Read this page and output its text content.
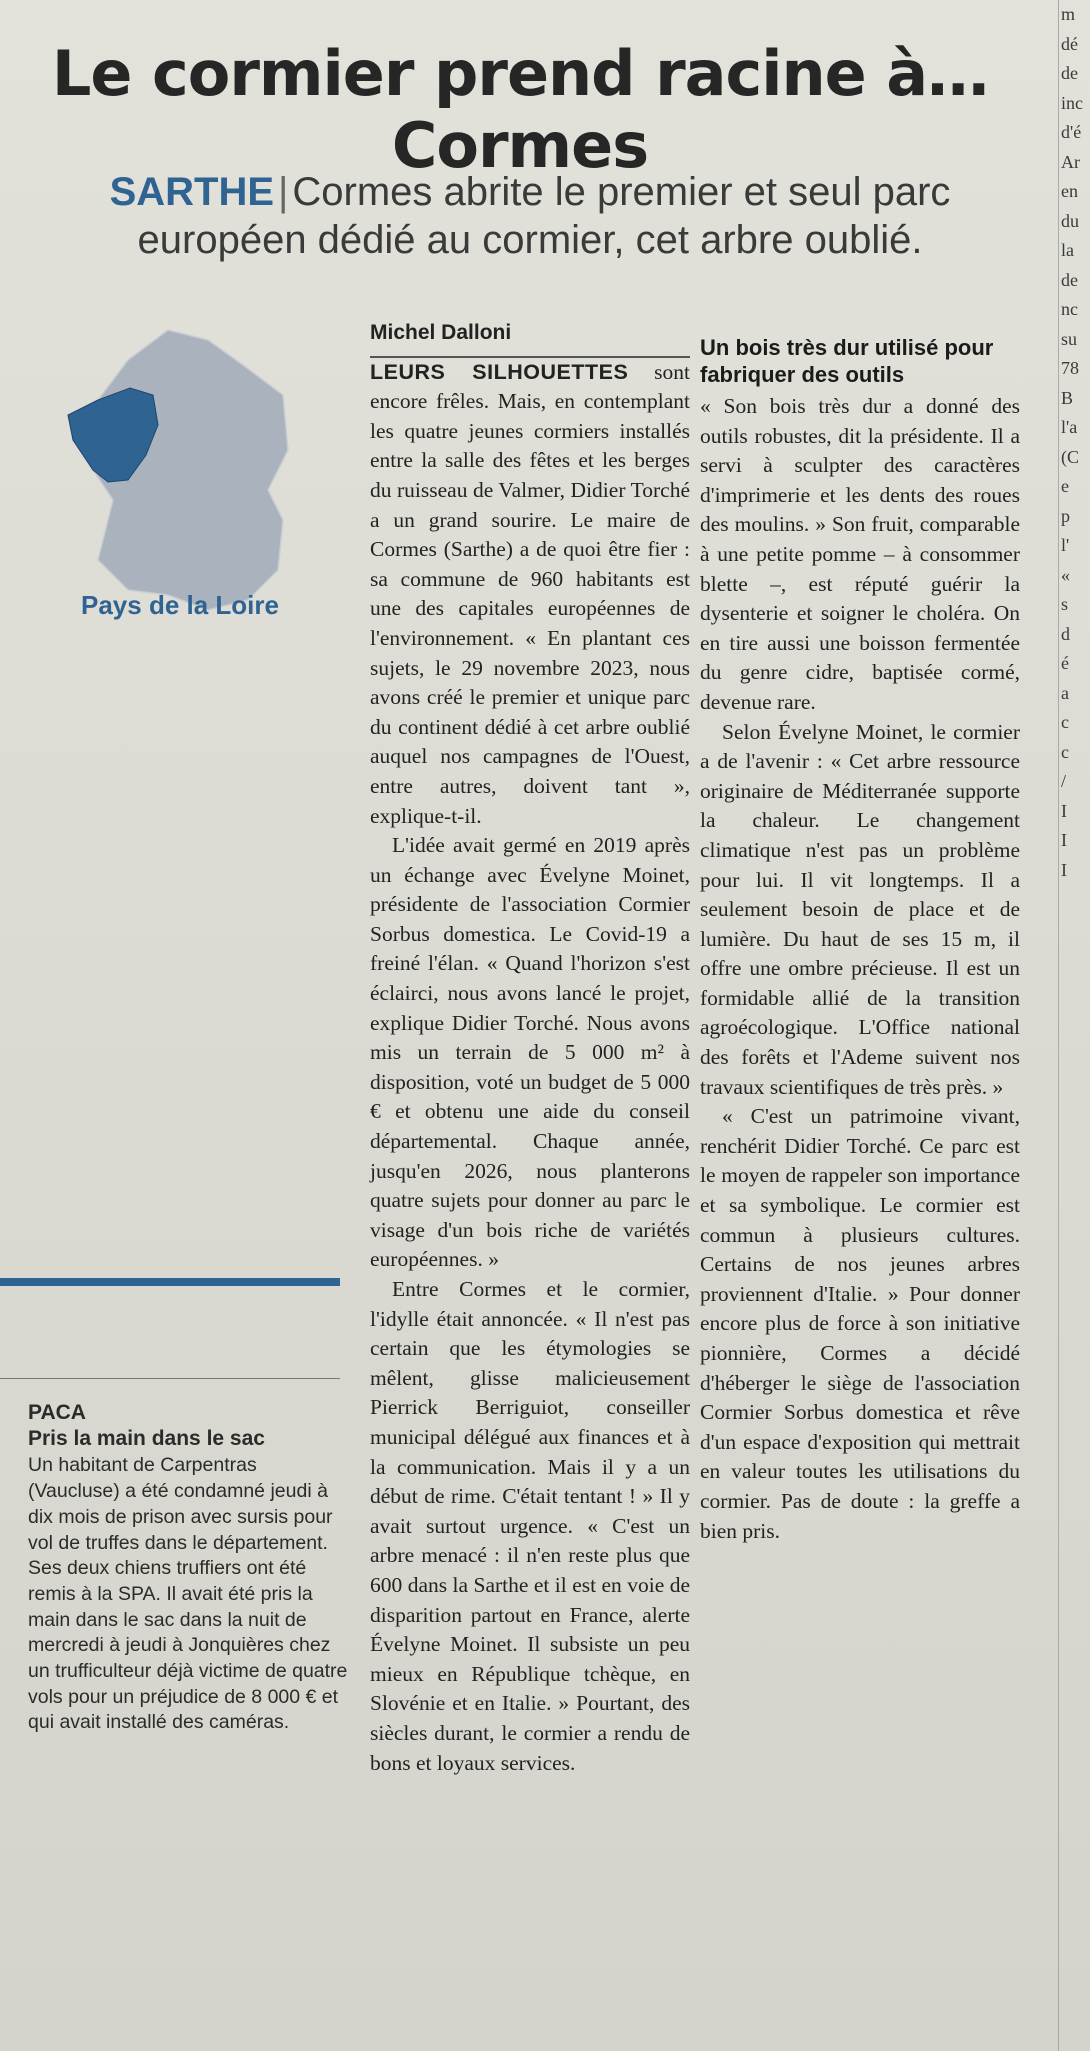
Le cormier prend racine à… Cormes

SARTHE | Cormes abrite le premier et seul parc européen dédié au cormier, cet arbre oublié.

Pays de la Loire

PACA

Pris la main dans le sac

Un habitant de Carpentras (Vaucluse) a été condamné jeudi à dix mois de prison avec sursis pour vol de truffes dans le département. Ses deux chiens truffiers ont été remis à la SPA. Il avait été pris la main dans le sac dans la nuit de mercredi à jeudi à Jonquières chez un trufficulteur déjà victime de quatre vols pour un préjudice de 8 000 € et qui avait installé des caméras.

Michel Dalloni

LEURS SILHOUETTES sont encore frêles. Mais, en contemplant les quatre jeunes cormiers installés entre la salle des fêtes et les berges du ruisseau de Valmer, Didier Torché a un grand sourire. Le maire de Cormes (Sarthe) a de quoi être fier : sa commune de 960 habitants est une des capitales européennes de l'environnement. « En plantant ces sujets, le 29 novembre 2023, nous avons créé le premier et unique parc du continent dédié à cet arbre oublié auquel nos campagnes de l'Ouest, entre autres, doivent tant », explique-t-il.

L'idée avait germé en 2019 après un échange avec Évelyne Moinet, présidente de l'association Cormier Sorbus domestica. Le Covid-19 a freiné l'élan. « Quand l'horizon s'est éclairci, nous avons lancé le projet, explique Didier Torché. Nous avons mis un terrain de 5 000 m² à disposition, voté un budget de 5 000 € et obtenu une aide du conseil départemental. Chaque année, jusqu'en 2026, nous planterons quatre sujets pour donner au parc le visage d'un bois riche de variétés européennes. »

Entre Cormes et le cormier, l'idylle était annoncée. « Il n'est pas certain que les étymologies se mêlent, glisse malicieusement Pierrick Berriguiot, conseiller municipal délégué aux finances et à la communication. Mais il y a un début de rime. C'était tentant ! » Il y avait surtout urgence. « C'est un arbre menacé : il n'en reste plus que 600 dans la Sarthe et il est en voie de disparition partout en France, alerte Évelyne Moinet. Il subsiste un peu mieux en République tchèque, en Slovénie et en Italie. » Pourtant, des siècles durant, le cormier a rendu de bons et loyaux services.

Un bois très dur utilisé pour fabriquer des outils

« Son bois très dur a donné des outils robustes, dit la présidente. Il a servi à sculpter des caractères d'imprimerie et les dents des roues des moulins. » Son fruit, comparable à une petite pomme – à consommer blette –, est réputé guérir la dysenterie et soigner le choléra. On en tire aussi une boisson fermentée du genre cidre, baptisée cormé, devenue rare.

Selon Évelyne Moinet, le cormier a de l'avenir : « Cet arbre ressource originaire de Méditerranée supporte la chaleur. Le changement climatique n'est pas un problème pour lui. Il vit longtemps. Il a seulement besoin de place et de lumière. Du haut de ses 15 m, il offre une ombre précieuse. Il est un formidable allié de la transition agroécologique. L'Office national des forêts et l'Ademe suivent nos travaux scientifiques de très près. »

« C'est un patrimoine vivant, renchérit Didier Torché. Ce parc est le moyen de rappeler son importance et sa symbolique. Le cormier est commun à plusieurs cultures. Certains de nos jeunes arbres proviennent d'Italie. » Pour donner encore plus de force à son initiative pionnière, Cormes a décidé d'héberger le siège de l'association Cormier Sorbus domestica et rêve d'un espace d'exposition qui mettrait en valeur toutes les utilisations du cormier. Pas de doute : la greffe a bien pris.

m
dé
de
inc
d'é
Ar
en
du
la
de
nc
su
78
B
l'a
(C
e
p
l'
«
s
d
é
a
c
c
/
I
I
I
